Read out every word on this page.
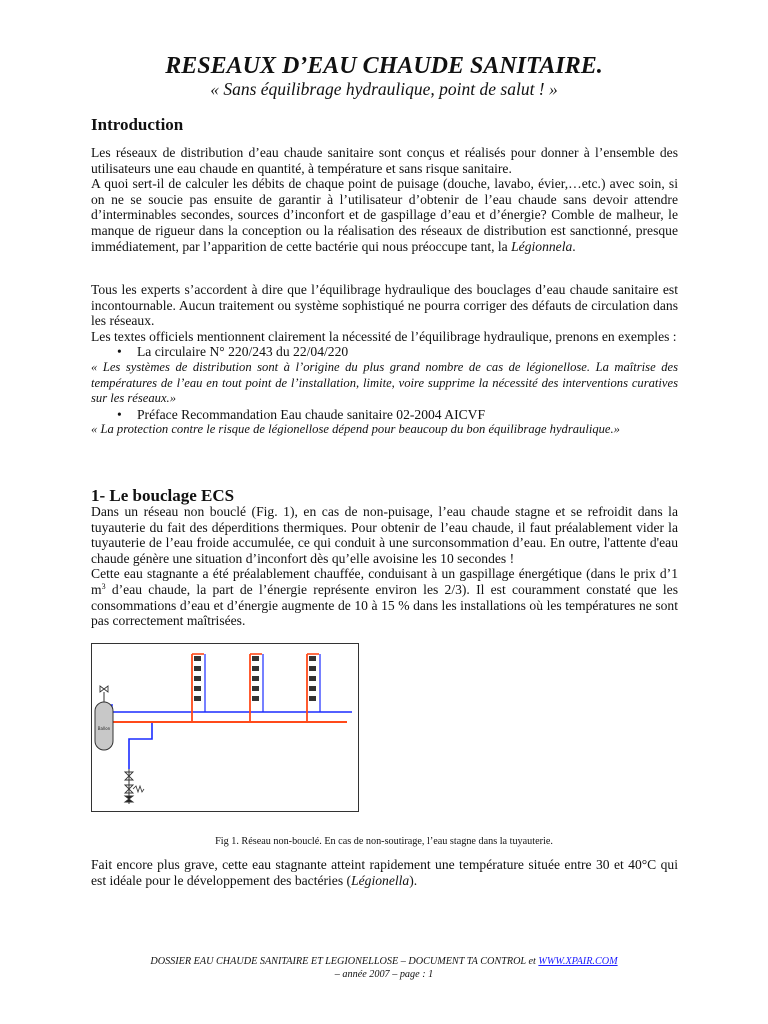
RESEAUX D’EAU CHAUDE SANITAIRE.
« Sans équilibrage hydraulique, point de salut ! »
Introduction

Les réseaux de distribution d’eau chaude sanitaire sont conçus et réalisés pour donner à l’ensemble des utilisateurs une eau chaude en quantité, à température et sans risque sanitaire.

A quoi sert-il de calculer les débits de chaque point de puisage (douche, lavabo, évier,…etc.) avec soin, si on ne se soucie pas ensuite de garantir à l’utilisateur d’obtenir de l’eau chaude sans devoir attendre d’interminables secondes, sources d’inconfort et de gaspillage d’eau et d’énergie? Comble de malheur, le manque de rigueur dans la conception ou la réalisation des réseaux de distribution est sanctionné, presque immédiatement, par l’apparition de cette bactérie qui nous préoccupe tant, la Légionnela.

Tous les experts s’accordent à dire que l’équilibrage hydraulique des bouclages d’eau chaude sanitaire est incontournable. Aucun traitement ou système sophistiqué ne pourra corriger des défauts de circulation dans les réseaux.

Les textes officiels mentionnent clairement la nécessité de l’équilibrage hydraulique, prenons en exemples :

•	La circulaire N° 220/243 du 22/04/220

« Les systèmes de distribution sont à l’origine du plus grand nombre de cas de légionellose. La maîtrise des températures de l’eau en tout point de l’installation, limite, voire supprime la nécessité des interventions curatives sur les réseaux.»

•	Préface Recommandation Eau chaude sanitaire 02-2004 AICVF

« La protection contre le risque de légionellose dépend pour beaucoup du bon équilibrage hydraulique.»

1- Le bouclage ECS

Dans un réseau non bouclé (Fig. 1), en cas de non-puisage, l’eau chaude stagne et se refroidit dans la tuyauterie du fait des déperditions thermiques. Pour obtenir de l’eau chaude, il faut préalablement vider la tuyauterie de l’eau froide accumulée, ce qui conduit à une surconsommation d’eau. En outre, l'attente d'eau chaude génère une situation d’inconfort dès qu’elle avoisine les 10 secondes !

Cette eau stagnante a été préalablement chauffée, conduisant à un gaspillage énergétique (dans le prix d’1 $m^3$ d’eau chaude, la part de l’énergie représente environ les 2/3). Il est couramment constaté que les consommations d’eau et d’énergie augmente de 10 à 15 % dans les installations où les températures ne sont pas correctement maîtrisées.

Ballon
Fig 1. Réseau non-bouclé. En cas de non-soutirage, l’eau stagne dans la tuyauterie.

Fait encore plus grave, cette eau stagnante atteint rapidement une température située entre 30 et 40°C qui est idéale pour le développement des bactéries (Légionella).

DOSSIER EAU CHAUDE SANITAIRE ET LEGIONELLOSE – DOCUMENT TA CONTROL et WWW.XPAIR.COM
– année 2007 – page : 1
